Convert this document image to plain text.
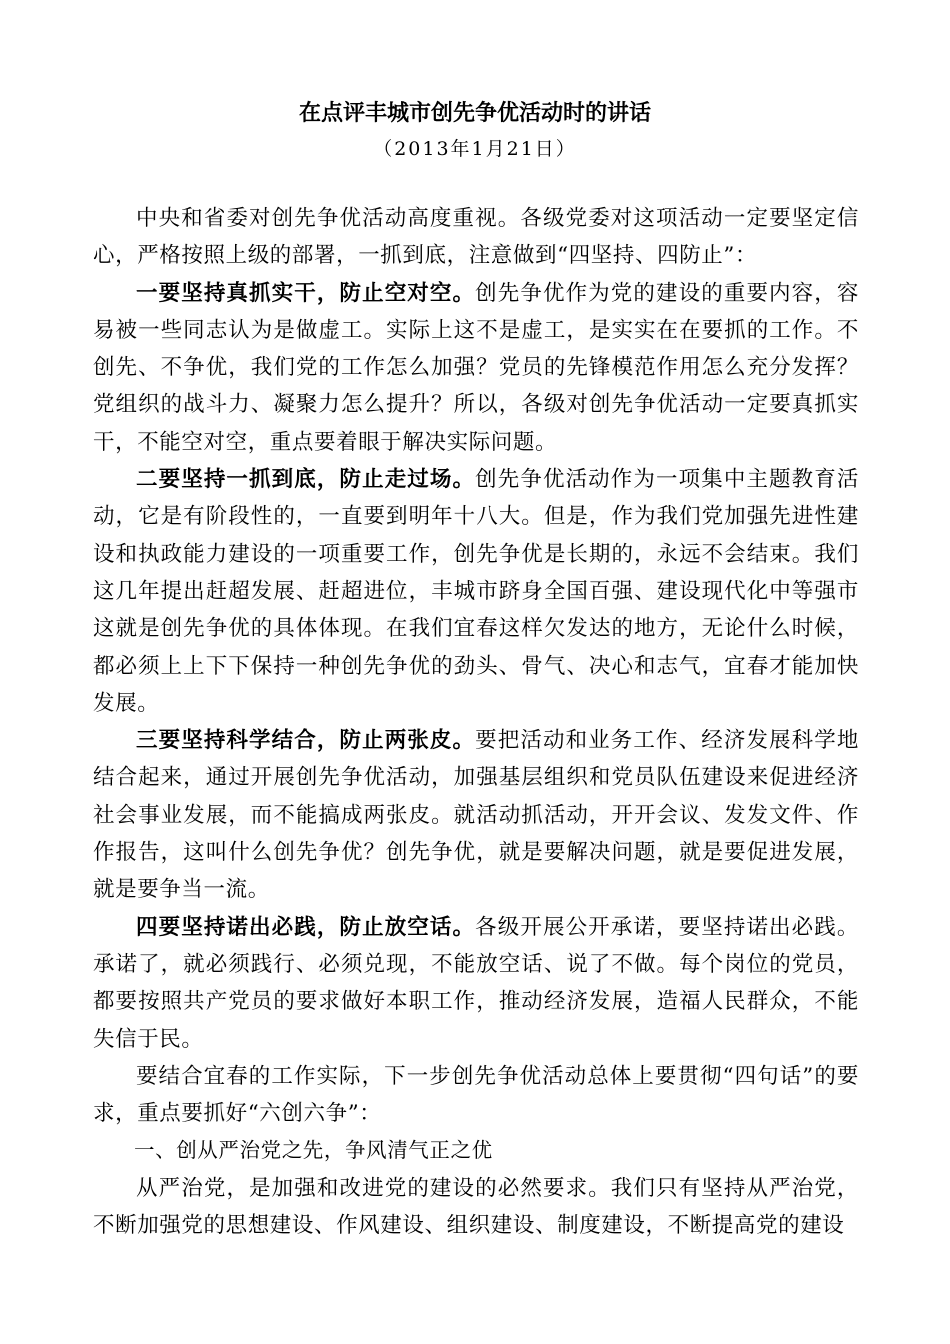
在点评丰城市创先争优活动时的讲话
（2013年1月21日）

中央和省委对创先争优活动高度重视。各级党委对这项活动一定要坚定信心，严格按照上级的部署，一抓到底，注意做到“四坚持、四防止”：

一要坚持真抓实干，防止空对空。创先争优作为党的建设的重要内容，容易被一些同志认为是做虚工。实际上这不是虚工，是实实在在要抓的工作。不创先、不争优，我们党的工作怎么加强？党员的先锋模范作用怎么充分发挥？党组织的战斗力、凝聚力怎么提升？所以，各级对创先争优活动一定要真抓实干，不能空对空，重点要着眼于解决实际问题。

二要坚持一抓到底，防止走过场。创先争优活动作为一项集中主题教育活动，它是有阶段性的，一直要到明年十八大。但是，作为我们党加强先进性建设和执政能力建设的一项重要工作，创先争优是长期的，永远不会结束。我们这几年提出赶超发展、赶超进位，丰城市跻身全国百强、建设现代化中等强市这就是创先争优的具体体现。在我们宜春这样欠发达的地方，无论什么时候，都必须上上下下保持一种创先争优的劲头、骨气、决心和志气，宜春才能加快发展。

三要坚持科学结合，防止两张皮。要把活动和业务工作、经济发展科学地结合起来，通过开展创先争优活动，加强基层组织和党员队伍建设来促进经济社会事业发展，而不能搞成两张皮。就活动抓活动，开开会议、发发文件、作作报告，这叫什么创先争优？创先争优，就是要解决问题，就是要促进发展，就是要争当一流。

四要坚持诺出必践，防止放空话。各级开展公开承诺，要坚持诺出必践。承诺了，就必须践行、必须兑现，不能放空话、说了不做。每个岗位的党员，都要按照共产党员的要求做好本职工作，推动经济发展，造福人民群众，不能失信于民。

要结合宜春的工作实际，下一步创先争优活动总体上要贯彻“四句话”的要求，重点要抓好“六创六争”：

一、创从严治党之先，争风清气正之优

从严治党，是加强和改进党的建设的必然要求。我们只有坚持从严治党，不断加强党的思想建设、作风建设、组织建设、制度建设，不断提高党的建设
